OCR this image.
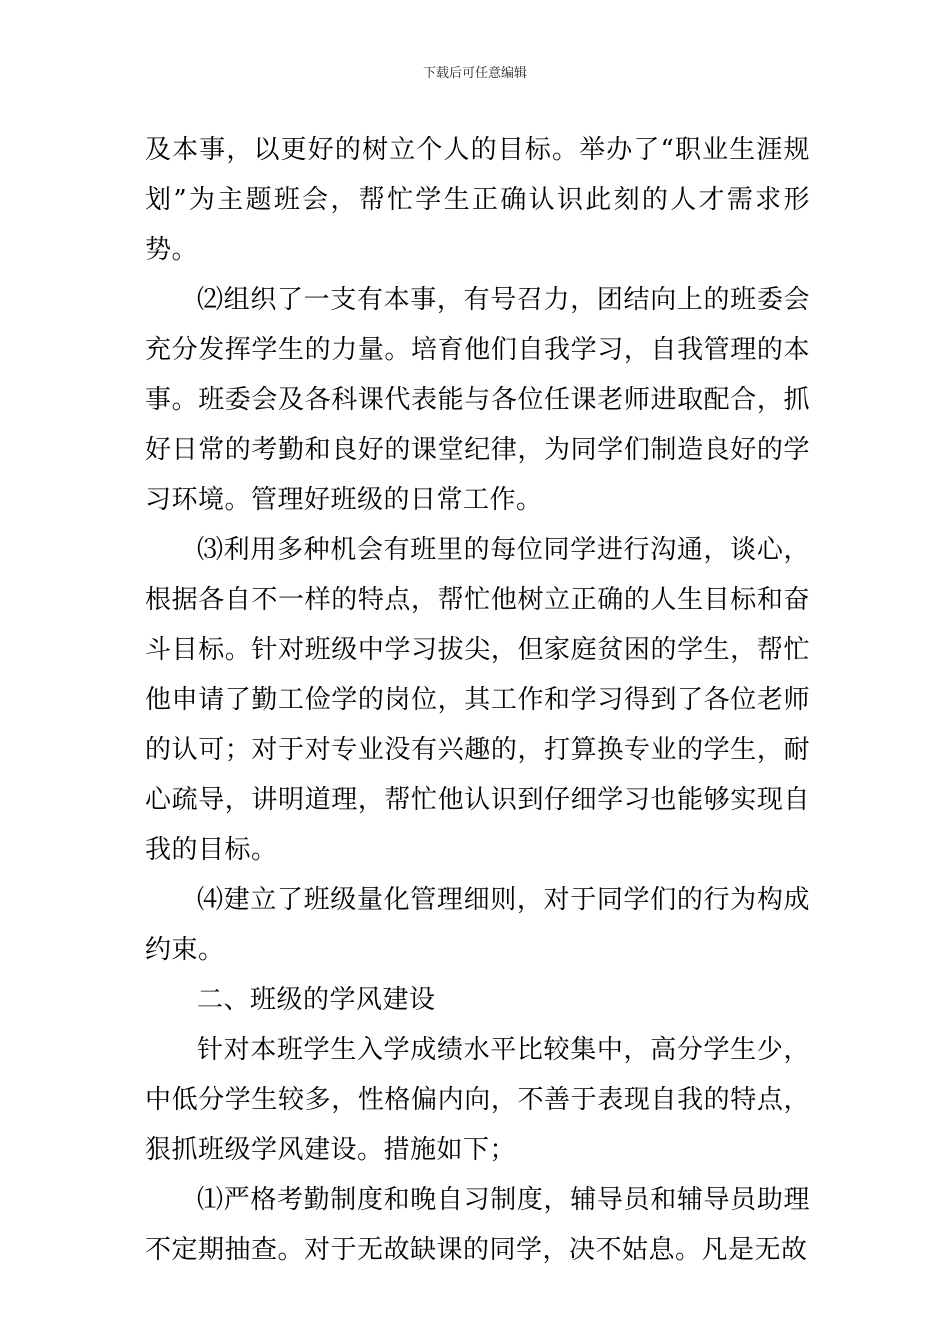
下载后可任意编辑

及本事，以更好的树立个人的目标。举办了“职业生涯规划”为主题班会，帮忙学生正确认识此刻的人才需求形势。

⑵组织了一支有本事，有号召力，团结向上的班委会充分发挥学生的力量。培育他们自我学习，自我管理的本事。班委会及各科课代表能与各位任课老师进取配合，抓好日常的考勤和良好的课堂纪律，为同学们制造良好的学习环境。管理好班级的日常工作。

⑶利用多种机会有班里的每位同学进行沟通，谈心，根据各自不一样的特点，帮忙他树立正确的人生目标和奋斗目标。针对班级中学习拔尖，但家庭贫困的学生，帮忙他申请了勤工俭学的岗位，其工作和学习得到了各位老师的认可；对于对专业没有兴趣的，打算换专业的学生，耐心疏导，讲明道理，帮忙他认识到仔细学习也能够实现自我的目标。

⑷建立了班级量化管理细则，对于同学们的行为构成约束。

二、班级的学风建设

针对本班学生入学成绩水平比较集中，高分学生少，中低分学生较多，性格偏内向，不善于表现自我的特点，狠抓班级学风建设。措施如下；

⑴严格考勤制度和晚自习制度，辅导员和辅导员助理不定期抽查。对于无故缺课的同学，决不姑息。凡是无故
